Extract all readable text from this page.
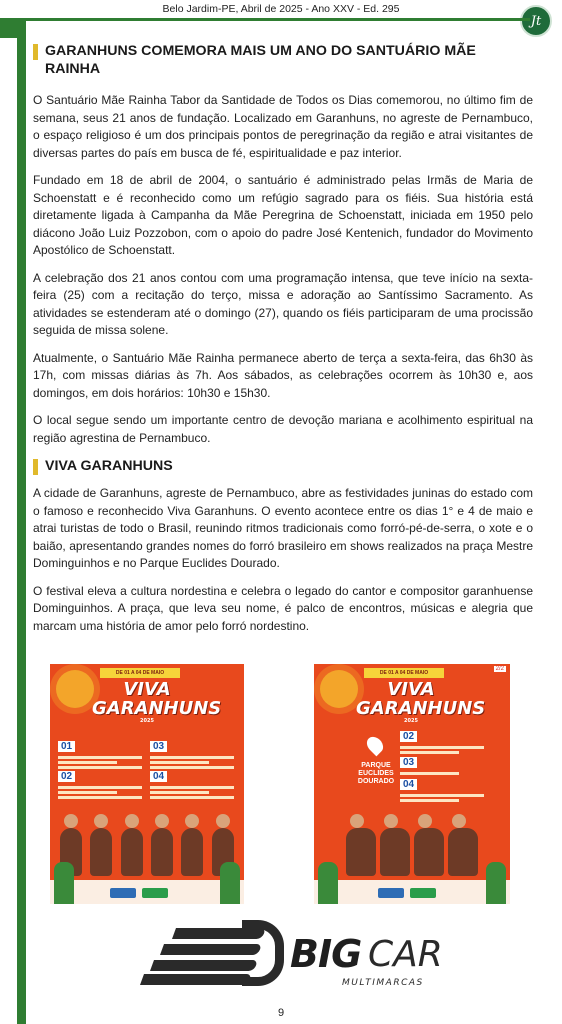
Belo Jardim-PE, Abril de 2025 - Ano XXV - Ed. 295
Jt
GARANHUNS COMEMORA MAIS UM ANO DO SANTUÁRIO MÃE RAINHA

O Santuário Mãe Rainha Tabor da Santidade de Todos os Dias comemorou, no último fim de semana, seus 21 anos de fundação. Localizado em Garanhuns, no agreste de Pernambuco, o espaço religioso é um dos principais pontos de peregrinação da região e atrai visitantes de diversas partes do país em busca de fé, espiritualidade e paz interior.

Fundado em 18 de abril de 2004, o santuário é administrado pelas Irmãs de Maria de Schoenstatt e é reconhecido como um refúgio sagrado para os fiéis. Sua história está diretamente ligada à Campanha da Mãe Peregrina de Schoenstatt, iniciada em 1950 pelo diácono João Luiz Pozzobon, com o apoio do padre José Kentenich, fundador do Movimento Apostólico de Schoenstatt.

A celebração dos 21 anos contou com uma programação intensa, que teve início na sexta-feira (25) com a recitação do terço, missa e adoração ao Santíssimo Sacramento. As atividades se estenderam até o domingo (27), quando os fiéis participaram de uma procissão seguida de missa solene.

Atualmente, o Santuário Mãe Rainha permanece aberto de terça a sexta-feira, das 6h30 às 17h, com missas diárias às 7h. Aos sábados, as celebrações ocorrem às 10h30 e, aos domingos, em dois horários: 10h30 e 15h30.

O local segue sendo um importante centro de devoção mariana e acolhimento espiritual na região agrestina de Pernambuco.

VIVA GARANHUNS

A cidade de Garanhuns, agreste de Pernambuco, abre as festividades juninas do estado com o famoso e reconhecido Viva Garanhuns. O evento acontece entre os dias 1° e 4 de maio e atrai turistas de todo o Brasil, reunindo ritmos tradicionais como forró-pé-de-serra, o xote e o baião, apresentando grandes nomes do forró brasileiro em shows realizados na praça Mestre Dominguinhos e no Parque Euclides Dourado.

O festival eleva a cultura nordestina e celebra o legado do cantor e compositor garanhuense Dominguinhos. A praça, que leva seu nome, é palco de encontros, músicas e alegria que marcam uma história de amor pelo forró nordestino.

DE 01 A 04 DE MAIO
VIVA
GARANHUNS
2025
01
02
03
04
2/2
DE 01 A 04 DE MAIO
VIVA
GARANHUNS
2025
PARQUE EUCLIDES DOURADO
02
03
04
BIG CAR
MULTIMARCAS
9
